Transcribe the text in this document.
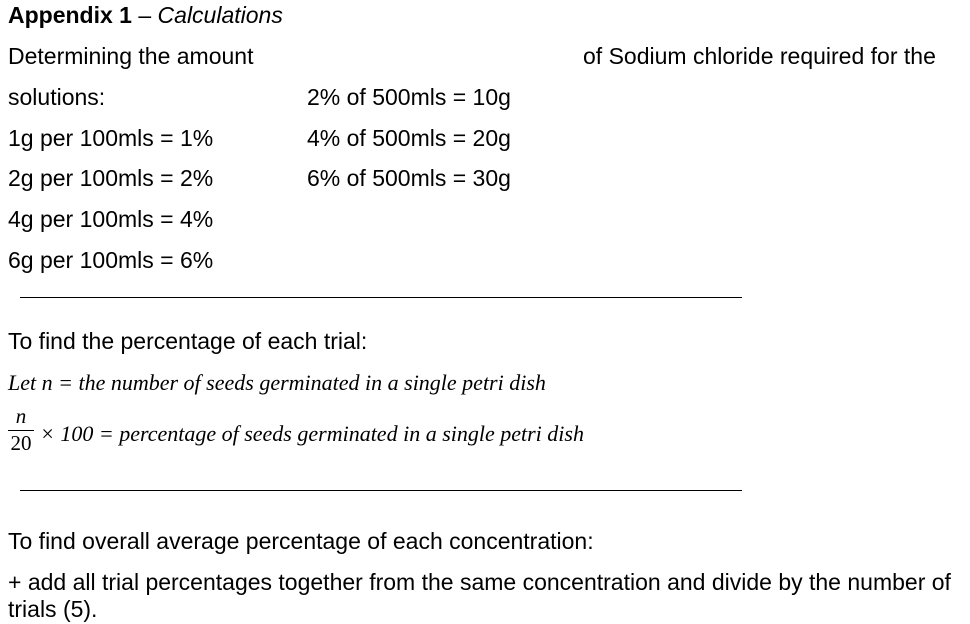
Appendix 1 – Calculations
Determining the amount	of Sodium chloride required for the
solutions:
1g per 100mls = 1%
2g per 100mls = 2%
4g per 100mls = 4%
6g per 100mls = 6%
2% of 500mls = 10g
4% of 500mls = 20g
6% of 500mls = 30g
To find the percentage of each trial:
Let n = the number of seeds germinated in a single petri dish
n
20 × 100 = percentage of seeds germinated in a single petri dish
To find overall average percentage of each concentration:
+ add all trial percentages together from the same concentration and divide by the number of trials (5).
